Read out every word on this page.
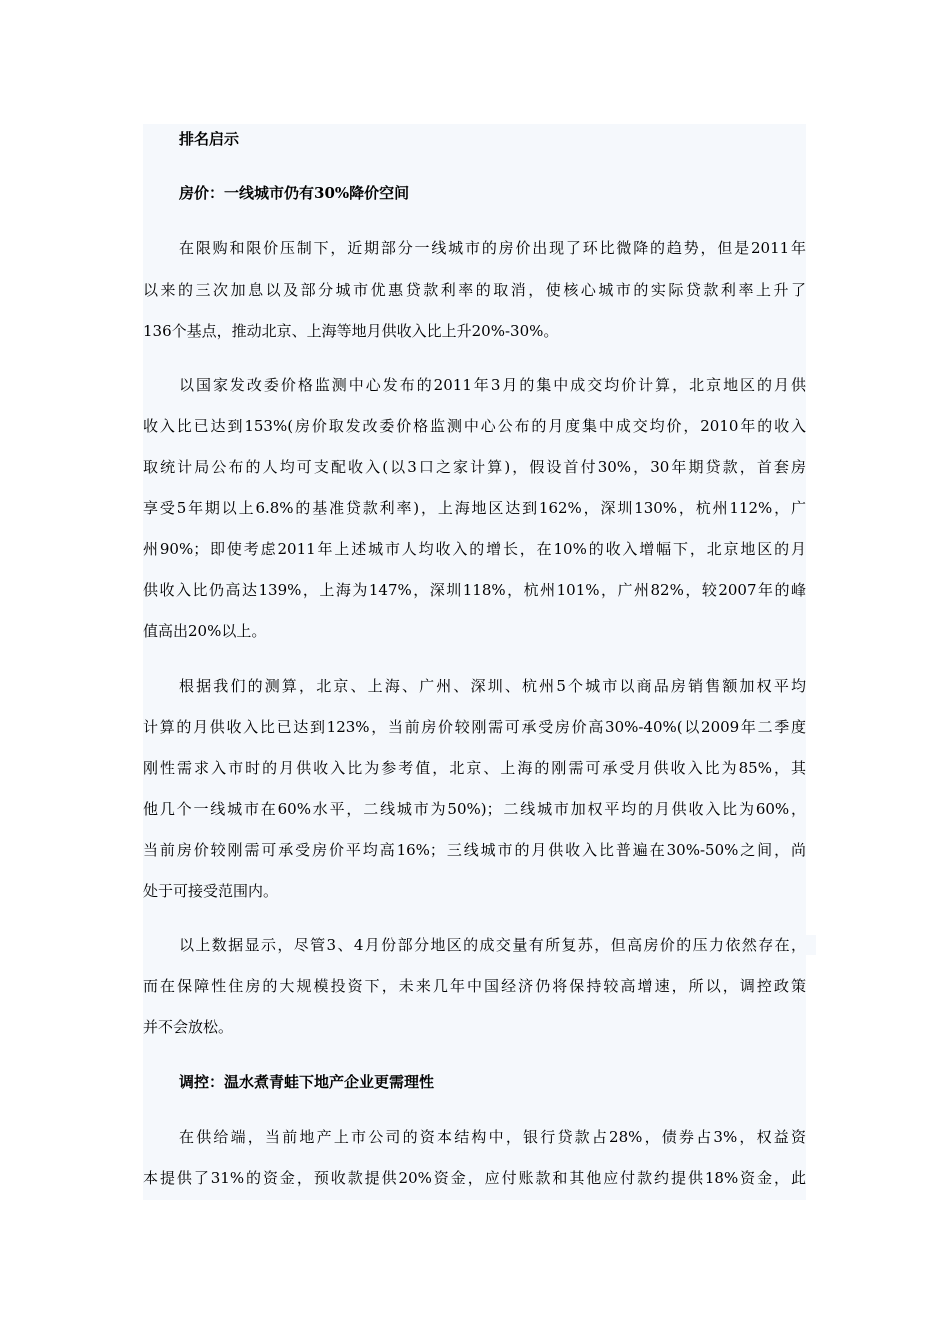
排名启示

房价：一线城市仍有30%降价空间

在限购和限价压制下，近期部分一线城市的房价出现了环比微降的趋势，但是2011年

以来的三次加息以及部分城市优惠贷款利率的取消，使核心城市的实际贷款利率上升了

136个基点，推动北京、上海等地月供收入比上升20%-30%。

以国家发改委价格监测中心发布的2011年3月的集中成交均价计算，北京地区的月供

收入比已达到153%(房价取发改委价格监测中心公布的月度集中成交均价，2010年的收入

取统计局公布的人均可支配收入(以3口之家计算)，假设首付30%，30年期贷款，首套房

享受5年期以上6.8%的基准贷款利率)，上海地区达到162%，深圳130%，杭州112%，广

州90%；即使考虑2011年上述城市人均收入的增长，在10%的收入增幅下，北京地区的月

供收入比仍高达139%，上海为147%，深圳118%，杭州101%，广州82%，较2007年的峰

值高出20%以上。

根据我们的测算，北京、上海、广州、深圳、杭州5个城市以商品房销售额加权平均

计算的月供收入比已达到123%，当前房价较刚需可承受房价高30%-40%(以2009年二季度

刚性需求入市时的月供收入比为参考值，北京、上海的刚需可承受月供收入比为85%，其

他几个一线城市在60%水平，二线城市为50%)；二线城市加权平均的月供收入比为60%，

当前房价较刚需可承受房价平均高16%；三线城市的月供收入比普遍在30%-50%之间，尚

处于可接受范围内。

以上数据显示，尽管3、4月份部分地区的成交量有所复苏，但高房价的压力依然存在，

而在保障性住房的大规模投资下，未来几年中国经济仍将保持较高增速，所以，调控政策

并不会放松。

调控：温水煮青蛙下地产企业更需理性

在供给端，当前地产上市公司的资本结构中，银行贷款占28%，债券占3%，权益资

本提供了31%的资金，预收款提供20%资金，应付账款和其他应付款约提供18%资金，此
